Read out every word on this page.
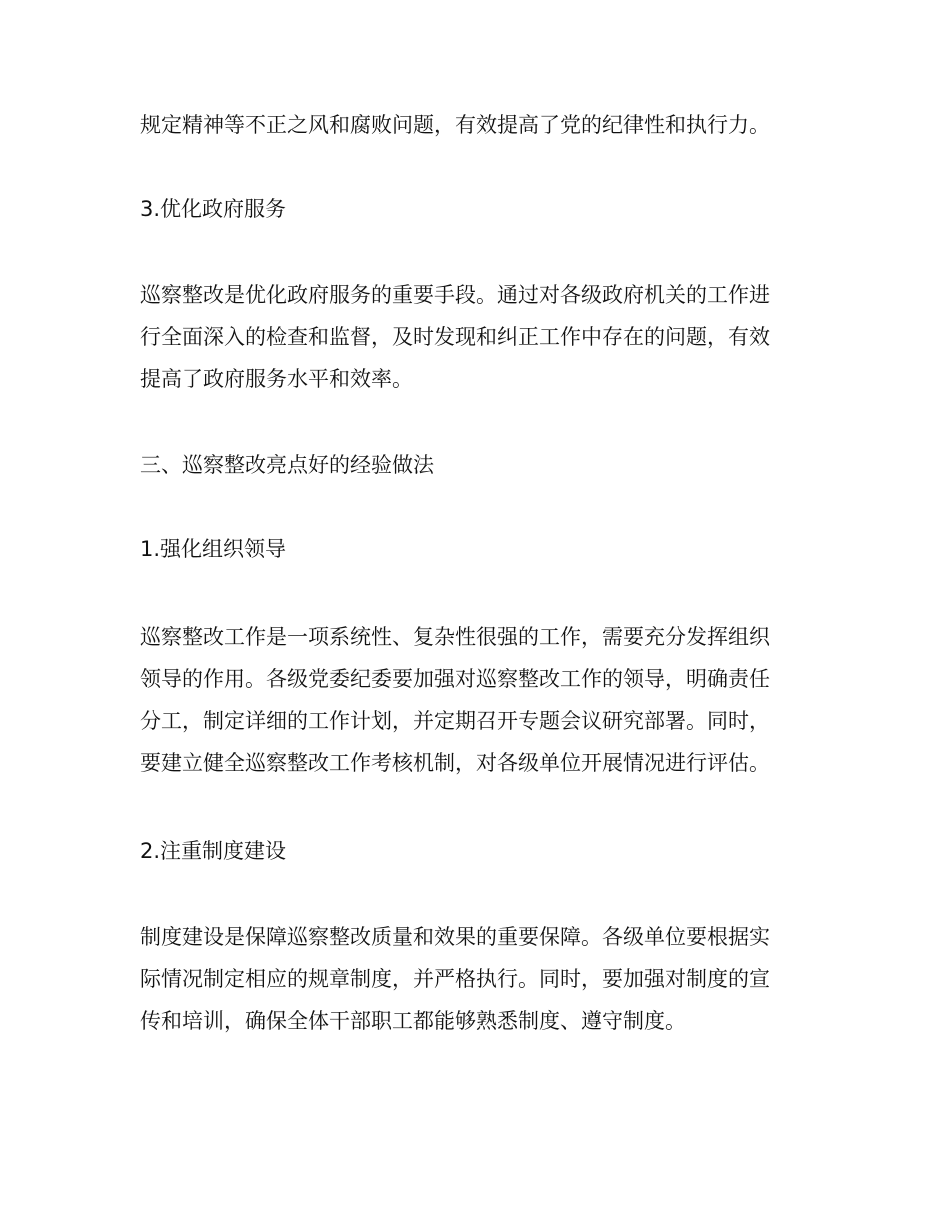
规定精神等不正之风和腐败问题，有效提高了党的纪律性和执行力。

3.优化政府服务

巡察整改是优化政府服务的重要手段。通过对各级政府机关的工作进

行全面深入的检查和监督，及时发现和纠正工作中存在的问题，有效

提高了政府服务水平和效率。

三、巡察整改亮点好的经验做法

1.强化组织领导

巡察整改工作是一项系统性、复杂性很强的工作，需要充分发挥组织

领导的作用。各级党委纪委要加强对巡察整改工作的领导，明确责任

分工，制定详细的工作计划，并定期召开专题会议研究部署。同时，

要建立健全巡察整改工作考核机制，对各级单位开展情况进行评估。

2.注重制度建设

制度建设是保障巡察整改质量和效果的重要保障。各级单位要根据实

际情况制定相应的规章制度，并严格执行。同时，要加强对制度的宣

传和培训，确保全体干部职工都能够熟悉制度、遵守制度。
